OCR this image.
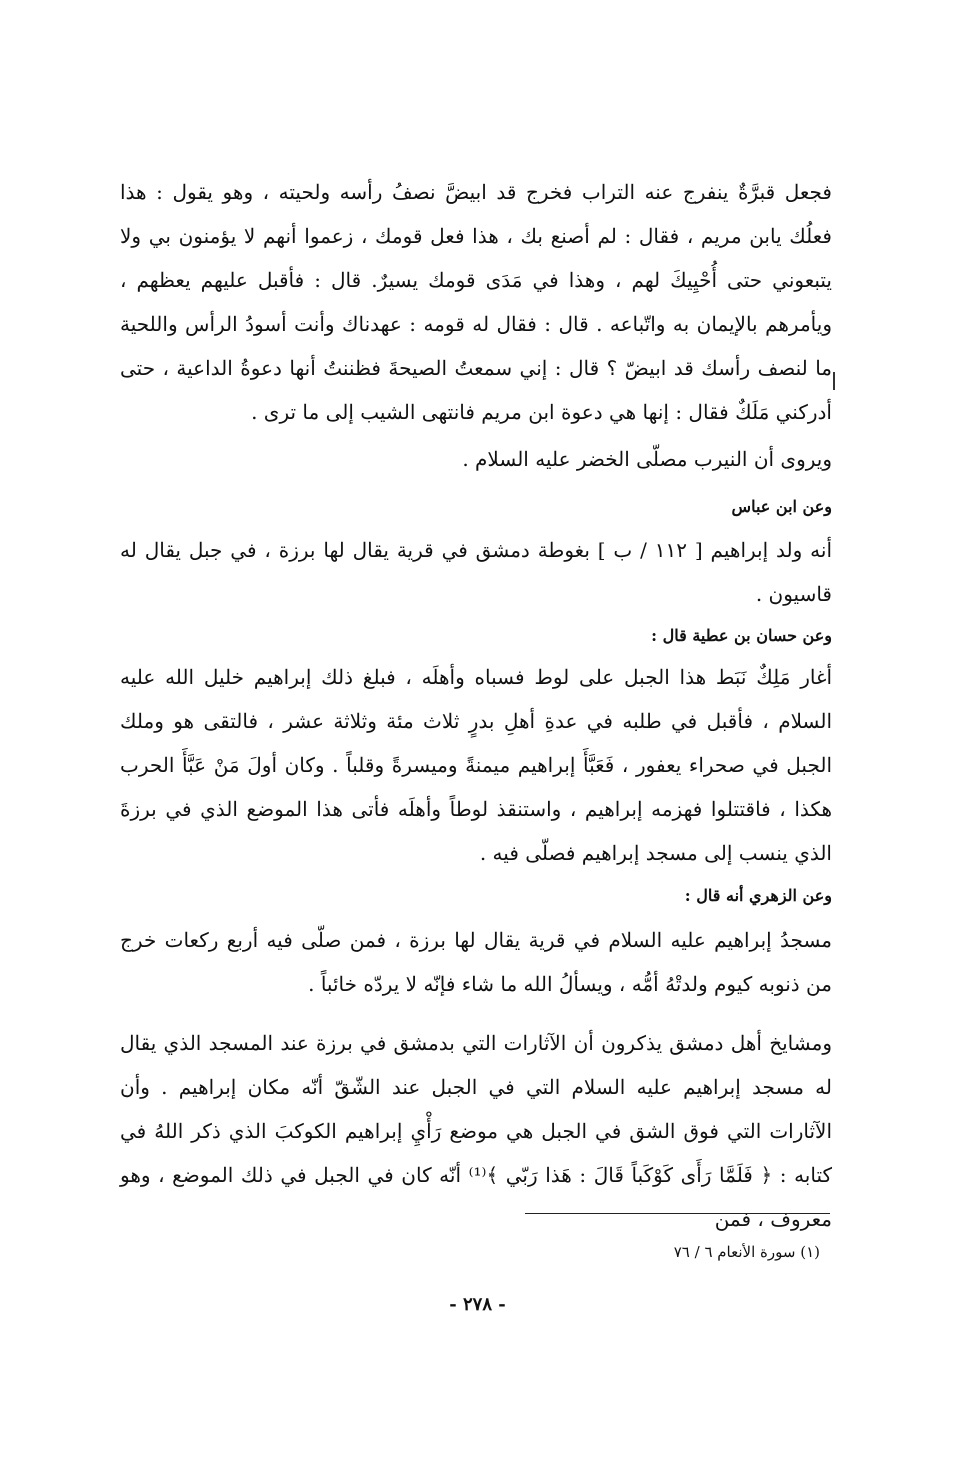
فجعل قبرَّةٌ ينفرج عنه التراب فخرج قد ابيضَّ نصفُ رأسه ولحيته ، وهو يقول : هذا فعلُك يابن مريم ، فقال : لم أصنع بك ، هذا فعل قومك ، زعموا أنهم لا يؤمنون بي ولا يتبعوني حتى أُحْيِيكَ لهم ، وهذا في مَدَى قومك يسيرٌ. قال : فأقبل عليهم يعظهم ، ويأمرهم بالإيمان به واتّباعه . قال : فقال له قومه : عهدناك وأنت أسودُ الرأس واللحية ما لنصف رأسك قد ابيضّ ؟ قال : إني سمعتُ الصيحةَ فظننتُ أنها دعوةُ الداعية ، حتى أدركني مَلَكٌ فقال : إنها هي دعوة ابن مريم فانتهى الشيب إلى ما ترى .

ويروى أن النيرب مصلّى الخضر عليه السلام .

وعن ابن عباس

أنه ولد إبراهيم [ ١١٢ / ب ] بغوطة دمشق في قرية يقال لها برزة ، في جبل يقال له قاسيون .

وعن حسان بن عطية قال :

أغار مَلِكٌ نَبَط هذا الجبل على لوط فسباه وأهلَه ، فبلغ ذلك إبراهيم خليل الله عليه السلام ، فأقبل في طلبه في عدةِ أهلِ بدرٍ ثلاث مئة وثلاثة عشر ، فالتقى هو وملك الجبل في صحراء يعفور ، فَعَبَّأَ إبراهيم ميمنةً وميسرةً وقلباً . وكان أولَ مَنْ عَبَّأَ الحرب هكذا ، فاقتتلوا فهزمه إبراهيم ، واستنقذ لوطاً وأهلَه فأتى هذا الموضع الذي في برزةَ الذي ينسب إلى مسجد إبراهيم فصلّى فيه .

وعن الزهري أنه قال :

مسجدُ إبراهيم عليه السلام في قرية يقال لها برزة ، فمن صلّى فيه أربع ركعات خرج من ذنوبه كيوم ولدتْهُ أمُّه ، ويسألُ الله ما شاء فإنّه لا يردّه خائباً .

ومشايخ أهل دمشق يذكرون أن الآثارات التي بدمشق في برزة عند المسجد الذي يقال له مسجد إبراهيم عليه السلام التي في الجبل عند الشّقّ أنّه مكان إبراهيم . وأن الآثارات التي فوق الشق في الجبل هي موضع رَأْيِ إبراهيم الكوكبَ الذي ذكر اللهُ في كتابه : ﴿ فَلَمَّا رَأَى كَوْكَباً قَالَ : هَذا رَبّي ﴾⁽¹⁾ أنّه كان في الجبل في ذلك الموضع ، وهو معروف ، فمن

(١) سورة الأنعام ٦ / ٧٦
- ٢٧٨ -
